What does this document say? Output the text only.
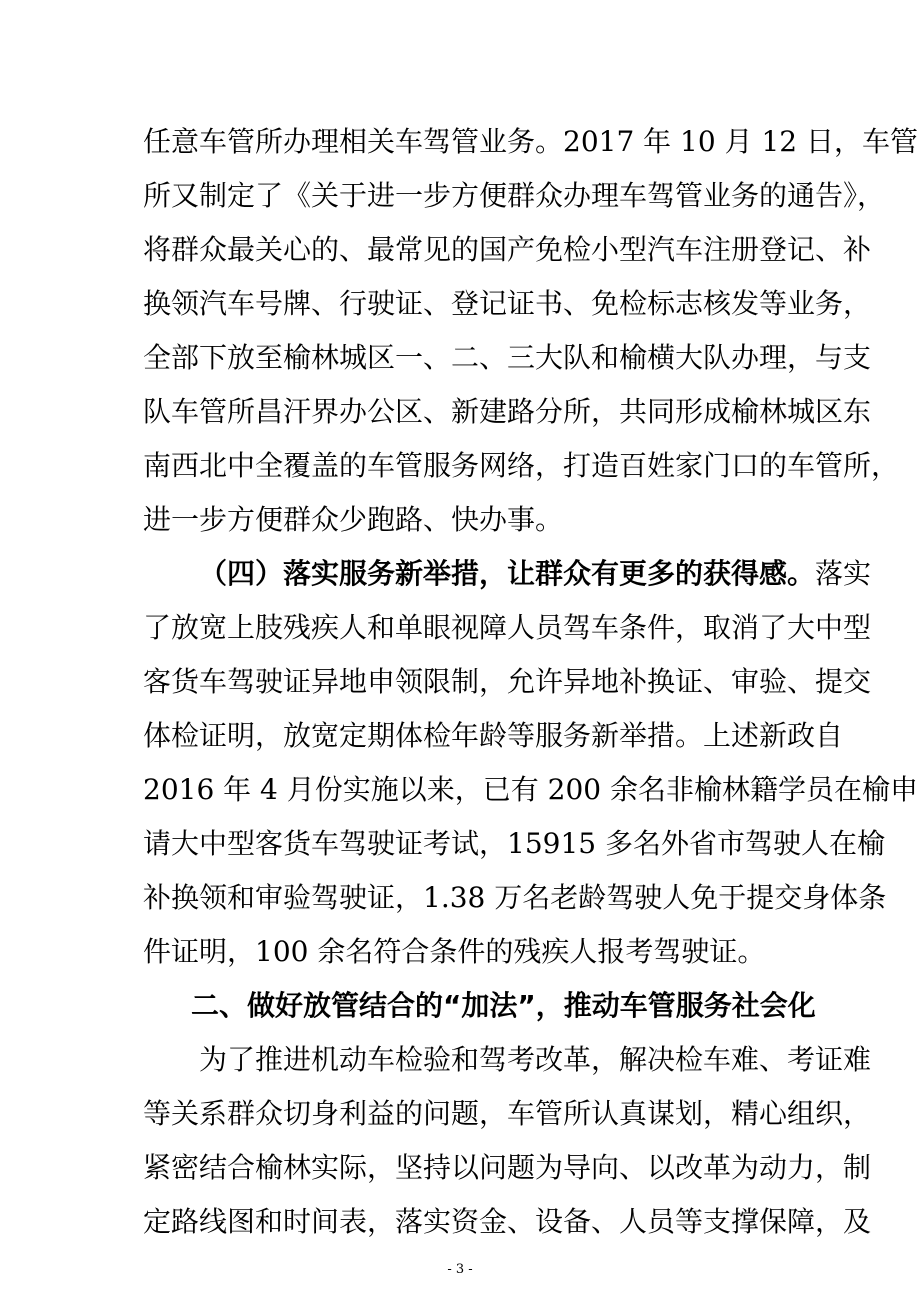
任意车管所办理相关车驾管业务。2017 年 10 月 12 日，车管
所又制定了《关于进一步方便群众办理车驾管业务的通告》，
将群众最关心的、最常见的国产免检小型汽车注册登记、补
换领汽车号牌、行驶证、登记证书、免检标志核发等业务，
全部下放至榆林城区一、二、三大队和榆横大队办理，与支
队车管所昌汗界办公区、新建路分所，共同形成榆林城区东
南西北中全覆盖的车管服务网络，打造百姓家门口的车管所，
进一步方便群众少跑路、快办事。
（四）落实服务新举措，让群众有更多的获得感。落实
了放宽上肢残疾人和单眼视障人员驾车条件，取消了大中型
客货车驾驶证异地申领限制，允许异地补换证、审验、提交
体检证明，放宽定期体检年龄等服务新举措。上述新政自
2016 年 4 月份实施以来，已有 200 余名非榆林籍学员在榆申
请大中型客货车驾驶证考试，15915 多名外省市驾驶人在榆
补换领和审验驾驶证，1.38 万名老龄驾驶人免于提交身体条
件证明，100 余名符合条件的残疾人报考驾驶证。
二、做好放管结合的“加法”，推动车管服务社会化
为了推进机动车检验和驾考改革，解决检车难、考证难
等关系群众切身利益的问题，车管所认真谋划，精心组织，
紧密结合榆林实际，坚持以问题为导向、以改革为动力，制
定路线图和时间表，落实资金、设备、人员等支撑保障，及
- 3 -
